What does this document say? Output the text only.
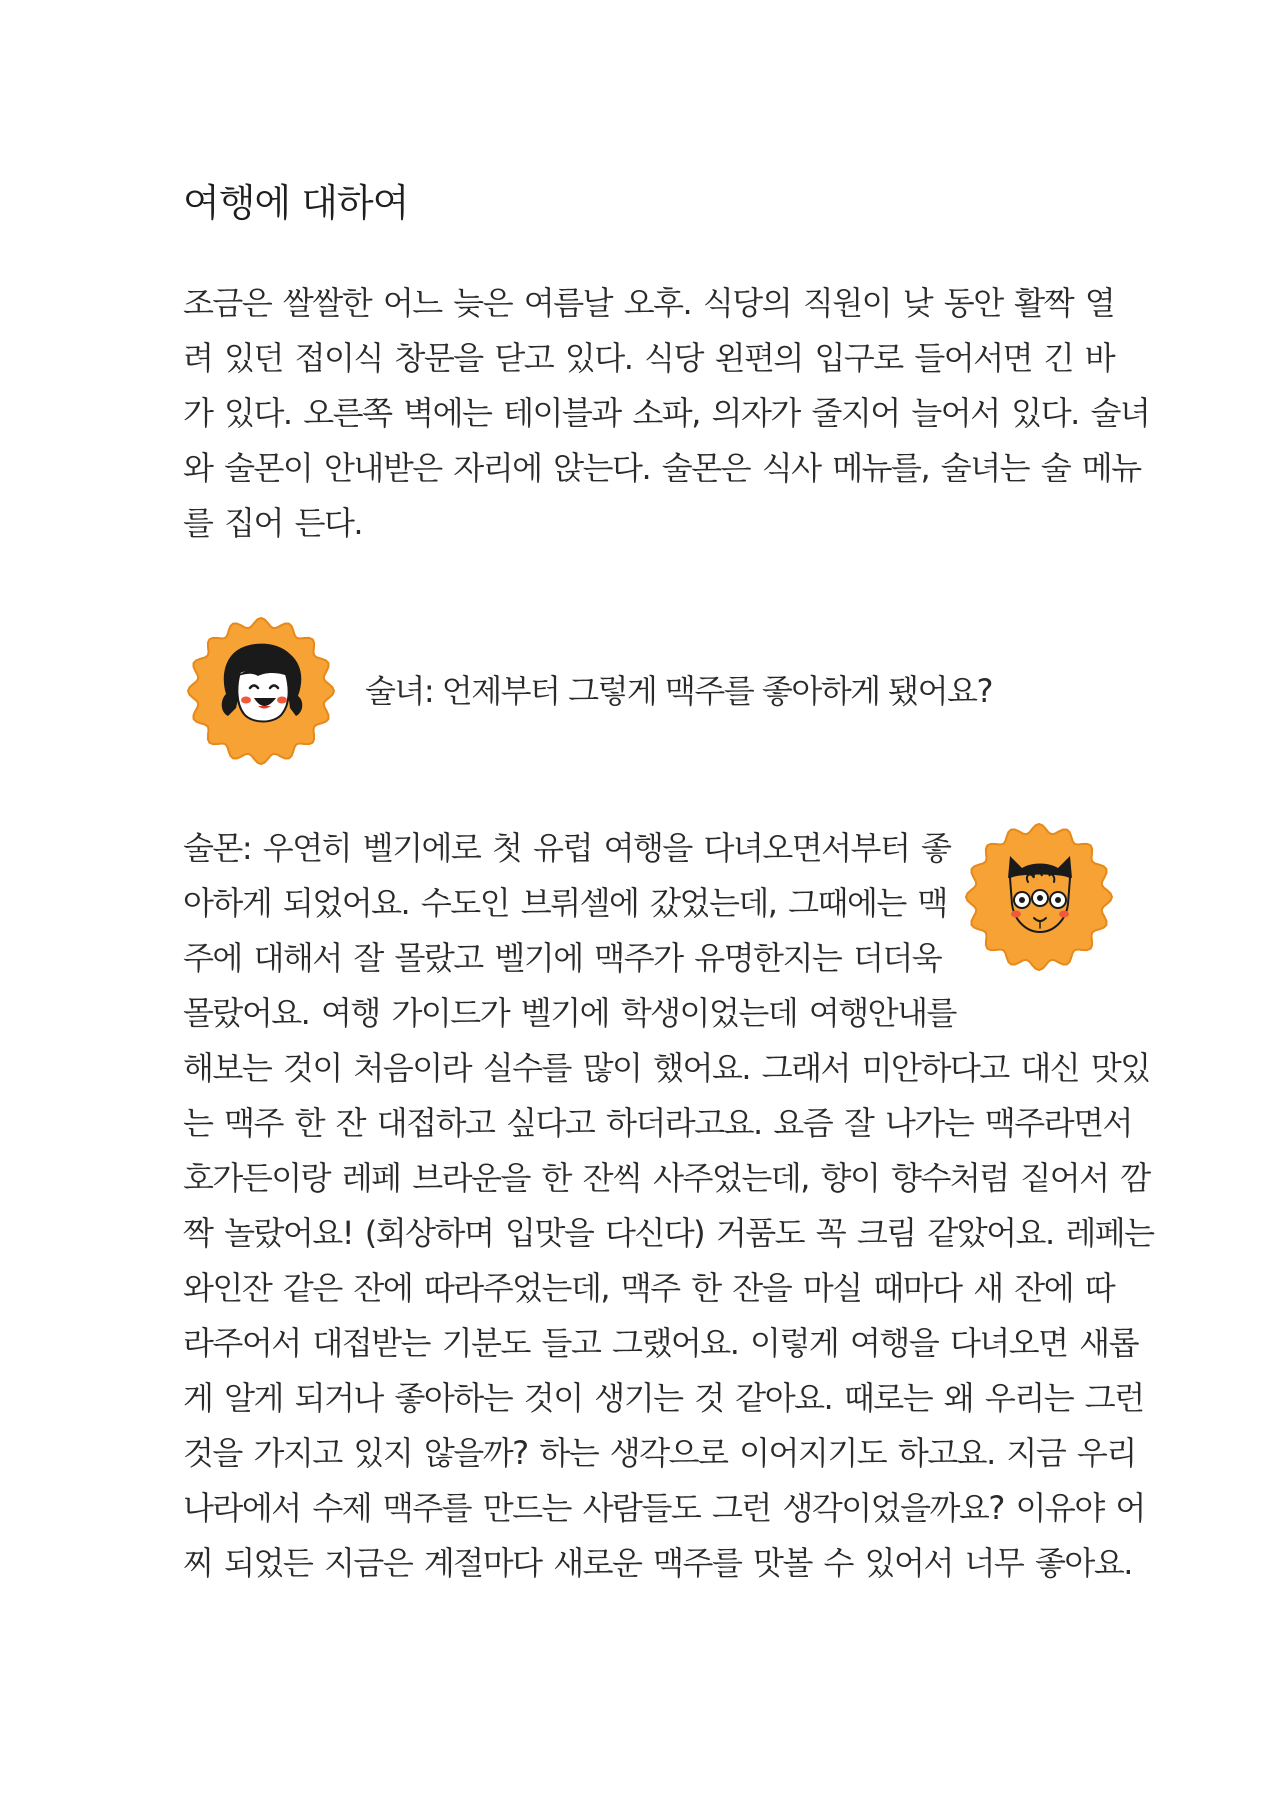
여행에 대하여
조금은 쌀쌀한 어느 늦은 여름날 오후. 식당의 직원이 낮 동안 활짝 열
려 있던 접이식 창문을 닫고 있다. 식당 왼편의 입구로 들어서면 긴 바
가 있다. 오른쪽 벽에는 테이블과 소파, 의자가 줄지어 늘어서 있다. 술녀
와 술몬이 안내받은 자리에 앉는다. 술몬은 식사 메뉴를, 술녀는 술 메뉴
를 집어 든다.

술녀: 언제부터 그렇게 맥주를 좋아하게 됐어요?

술몬: 우연히 벨기에로 첫 유럽 여행을 다녀오면서부터 좋
아하게 되었어요. 수도인 브뤼셀에 갔었는데, 그때에는 맥
주에 대해서 잘 몰랐고 벨기에 맥주가 유명한지는 더더욱
몰랐어요. 여행 가이드가 벨기에 학생이었는데 여행안내를
해보는 것이 처음이라 실수를 많이 했어요. 그래서 미안하다고 대신 맛있
는 맥주 한 잔 대접하고 싶다고 하더라고요. 요즘 잘 나가는 맥주라면서
호가든이랑 레페 브라운을 한 잔씩 사주었는데, 향이 향수처럼 짙어서 깜
짝 놀랐어요! (회상하며 입맛을 다신다) 거품도 꼭 크림 같았어요. 레페는
와인잔 같은 잔에 따라주었는데, 맥주 한 잔을 마실 때마다 새 잔에 따
라주어서 대접받는 기분도 들고 그랬어요. 이렇게 여행을 다녀오면 새롭
게 알게 되거나 좋아하는 것이 생기는 것 같아요. 때로는 왜 우리는 그런
것을 가지고 있지 않을까? 하는 생각으로 이어지기도 하고요. 지금 우리
나라에서 수제 맥주를 만드는 사람들도 그런 생각이었을까요? 이유야 어
찌 되었든 지금은 계절마다 새로운 맥주를 맛볼 수 있어서 너무 좋아요.
